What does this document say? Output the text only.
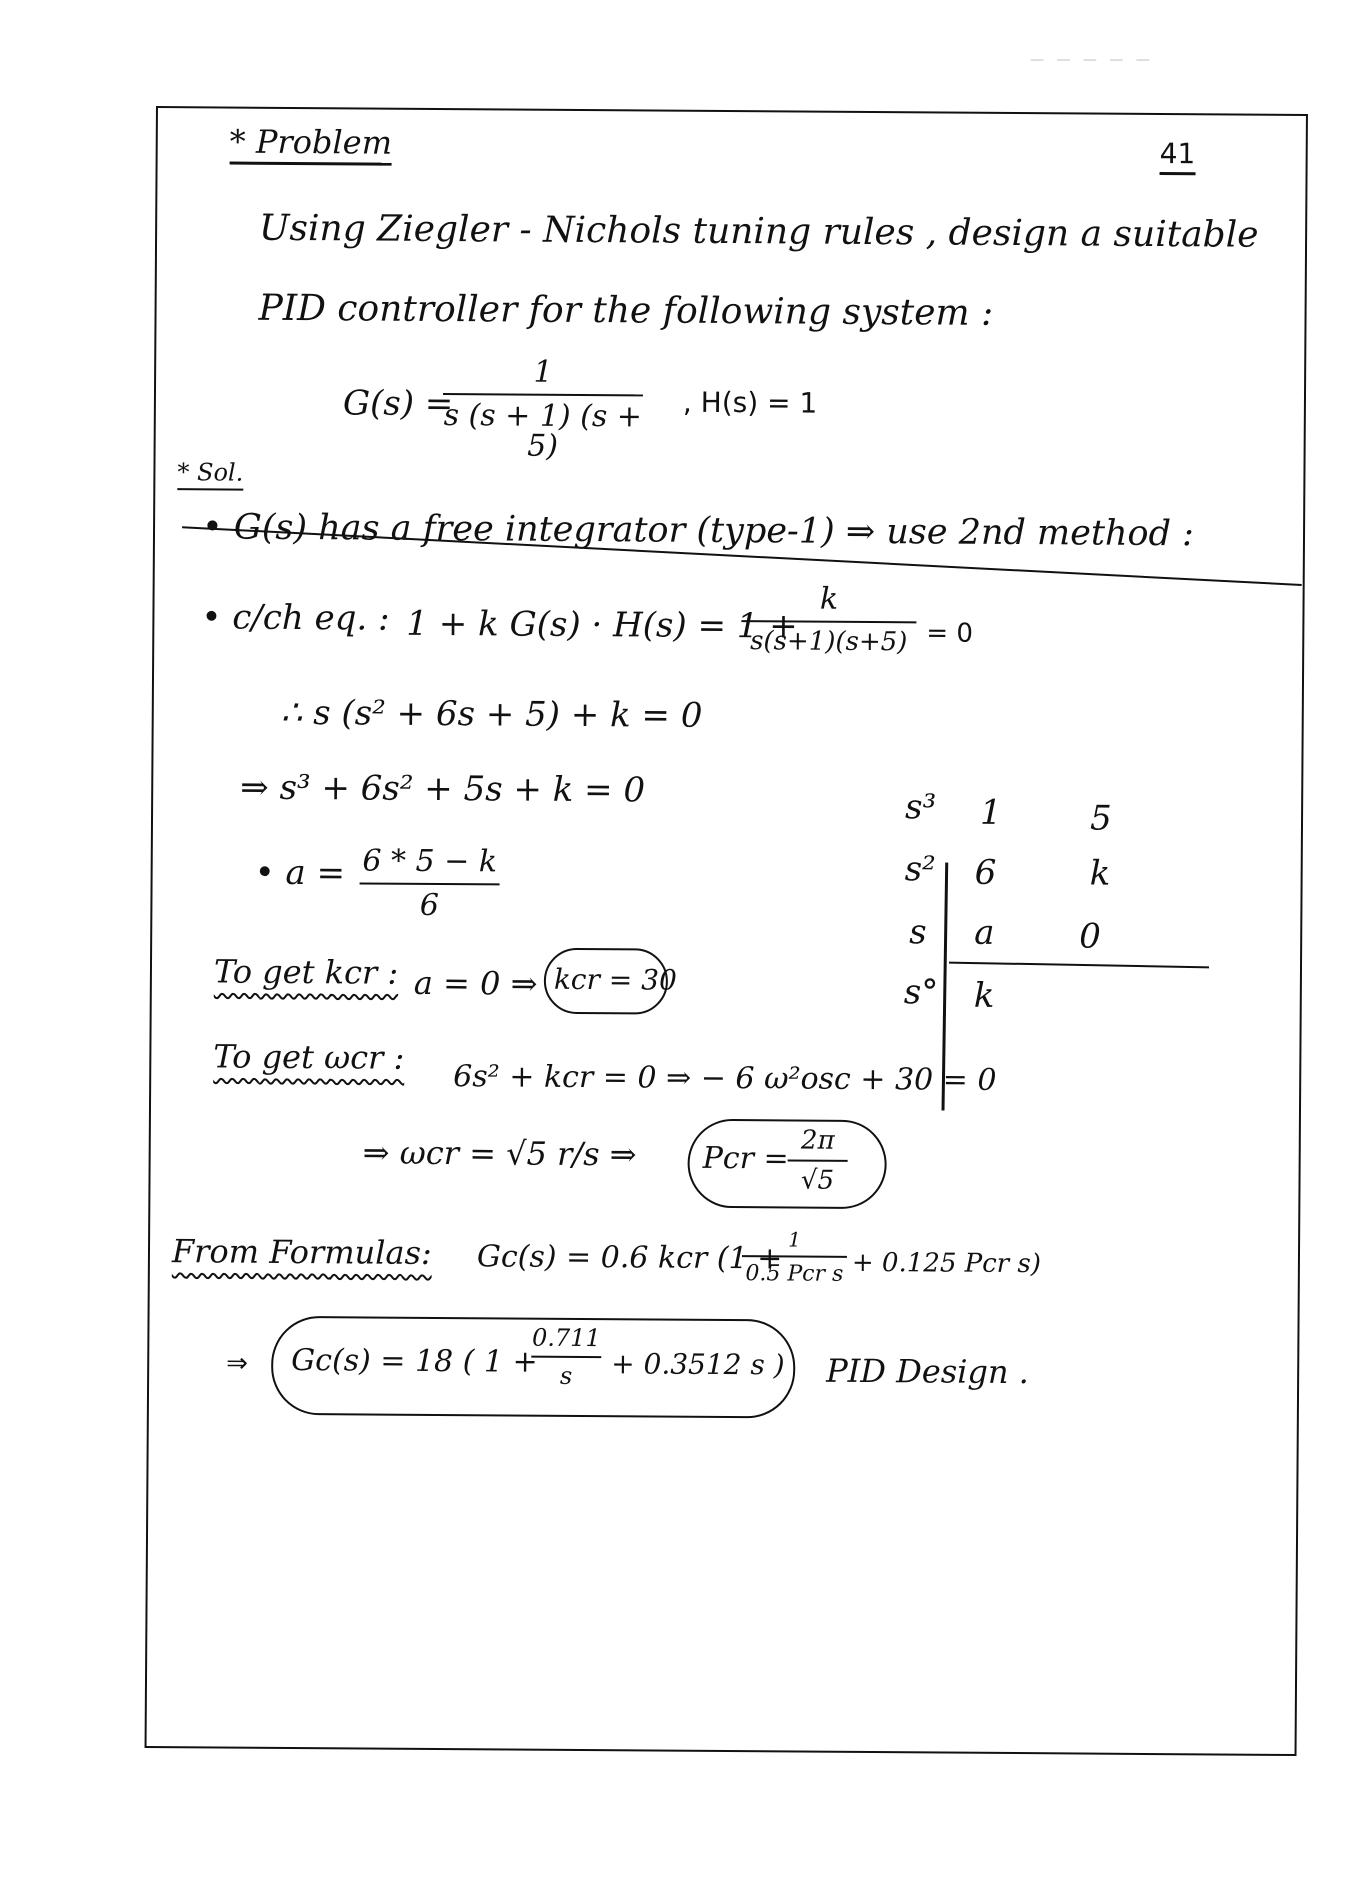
— — — — —
* Problem	41
Using Ziegler - Nichols tuning rules , design a suitable
PID controller for the following system :
G(s) =
1
s (s + 1) (s + 5)
, H(s) = 1
* Sol.
• G(s) has a free integrator (type-1) ⇒ use 2nd method :
• c/ch eq. : 1 + k G(s) · H(s) = 1 +
k
s(s+1)(s+5) = 0
∴ s (s² + 6s + 5) + k = 0
⇒ s³ + 6s² + 5s + k = 0
• a = 6 * 5 − k
6
s³ 1	5
s² 6	k
s a 0
s° k
To get kcr : a = 0 ⇒ kcr = 30
To get ωcr :
6s² + kcr = 0 ⇒ − 6 ω²osc + 30 = 0
⇒ ωcr = √5 r/s ⇒ Pcr =
2π
√5
From Formulas: Gc(s) = 0.6 kcr (1 + 1
0.5 Pcr s + 0.125 Pcr s)
⇒ Gc(s) = 18 ( 1 +
0.711
s	+ 0.3512 s ) PID Design .
